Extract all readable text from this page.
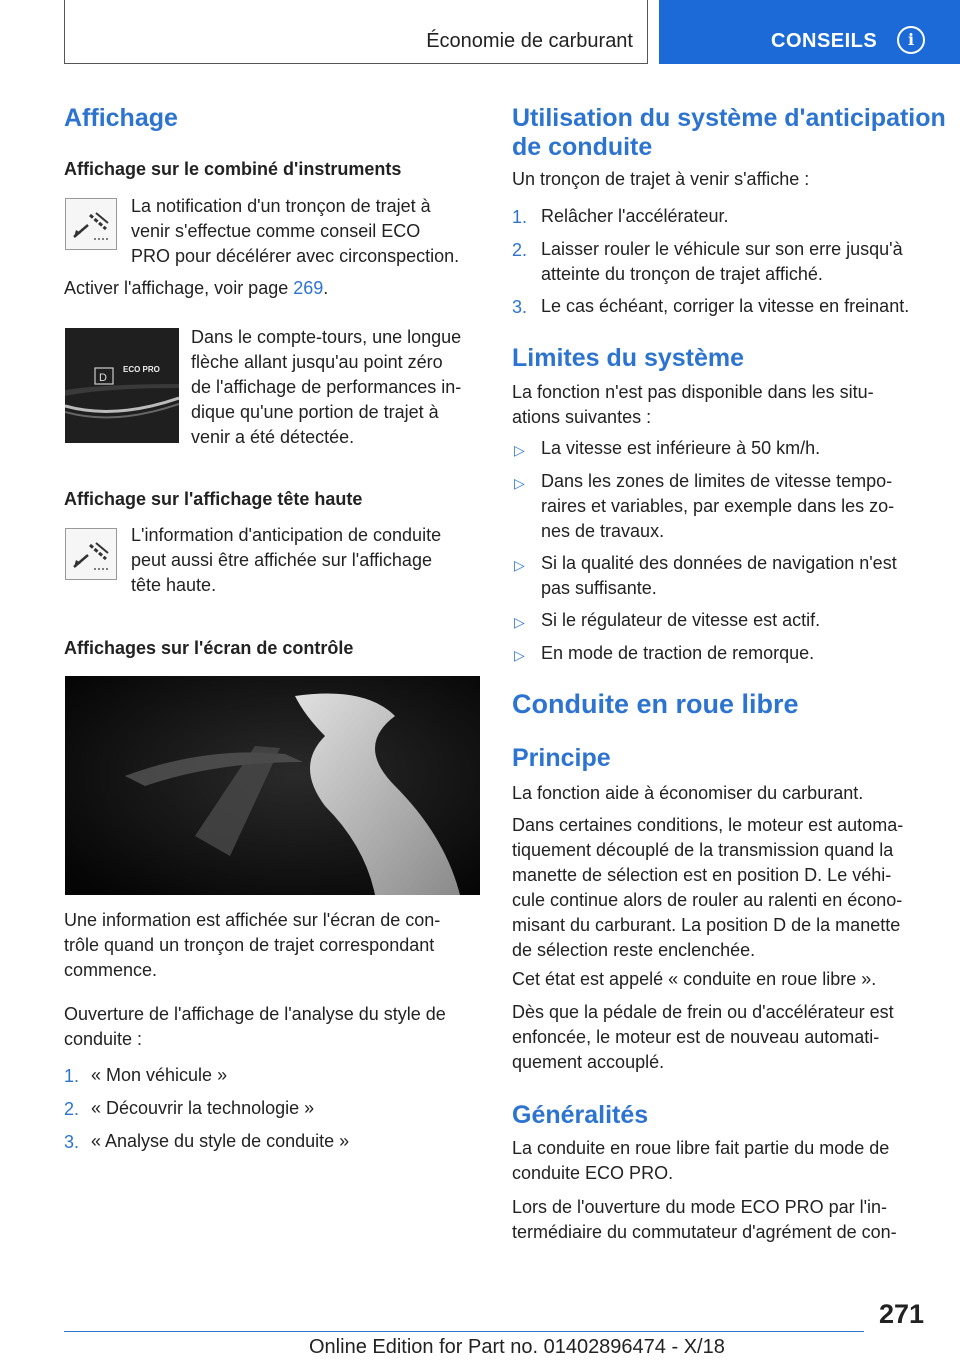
Économie de carburant	CONSEILS	i
Affichage
Affichage sur le combiné d'instruments
La notification d'un tronçon de trajet à
venir s'effectue comme conseil ECO
PRO pour décélérer avec circonspection.
Activer l'affichage, voir page 269.
D
ECO PRO
Dans le compte-tours, une longue
flèche allant jusqu'au point zéro
de l'affichage de performances in-
dique qu'une portion de trajet à
venir a été détectée.
Affichage sur l'affichage tête haute
L'information d'anticipation de conduite
peut aussi être affichée sur l'affichage
tête haute.
Affichages sur l'écran de contrôle
Une information est affichée sur l'écran de con-
trôle quand un tronçon de trajet correspondant
commence.
Ouverture de l'affichage de l'analyse du style de
conduite :
1. « Mon véhicule »
2. « Découvrir la technologie »
3. « Analyse du style de conduite »
Utilisation du système d'anticipation
de conduite
Un tronçon de trajet à venir s'affiche :
1. Relâcher l'accélérateur.
2. Laisser rouler le véhicule sur son erre jusqu'à
atteinte du tronçon de trajet affiché.
3. Le cas échéant, corriger la vitesse en freinant.
Limites du système
La fonction n'est pas disponible dans les situ-
ations suivantes :
▷ La vitesse est inférieure à 50 km/h.
▷ Dans les zones de limites de vitesse tempo-
raires et variables, par exemple dans les zo-
nes de travaux.
▷ Si la qualité des données de navigation n'est
pas suffisante.
▷ Si le régulateur de vitesse est actif.
▷ En mode de traction de remorque.
Conduite en roue libre
Principe
La fonction aide à économiser du carburant.
Dans certaines conditions, le moteur est automa-
tiquement découplé de la transmission quand la
manette de sélection est en position D. Le véhi-
cule continue alors de rouler au ralenti en écono-
misant du carburant. La position D de la manette
de sélection reste enclenchée.
Cet état est appelé « conduite en roue libre ».
Dès que la pédale de frein ou d'accélérateur est
enfoncée, le moteur est de nouveau automati-
quement accouplé.
Généralités
La conduite en roue libre fait partie du mode de
conduite ECO PRO.
Lors de l'ouverture du mode ECO PRO par l'in-
termédiaire du commutateur d'agrément de con-
271
Online Edition for Part no. 01402896474 - X/18
